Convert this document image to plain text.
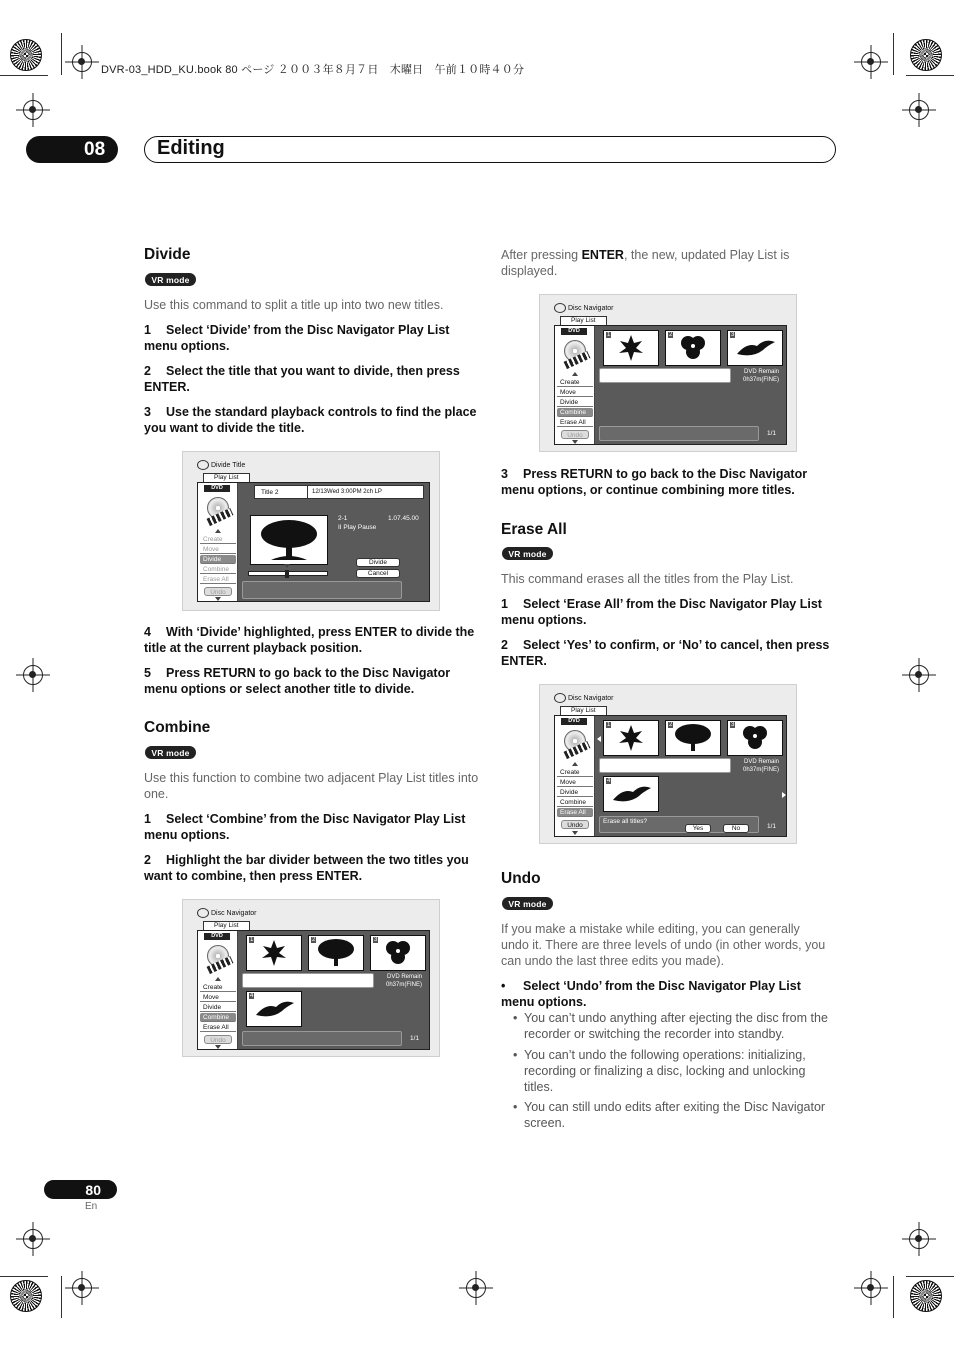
DVR-03_HDD_KU.book 80 ページ ２００３年８月７日　木曜日　午前１０時４０分
08	Editing
Divide
VR mode
Use this command to split a title up into two new titles.
1 Select ‘Divide’ from the Disc Navigator Play List menu options.
2 Select the title that you want to divide, then press ENTER.
3 Use the standard playback controls to find the place you want to divide the title.
Divide Title
Play List
DVD
Create
Move
Divide
Combine
Erase All
Undo
Title 2	12/13Wed 3:00PM 2ch LP
2-1	1.07.45.00
II Play Pause
Divide
Cancel
4 With ‘Divide’ highlighted, press ENTER to divide the title at the current playback position.
5 Press RETURN to go back to the Disc Navigator menu options or select another title to divide.
Combine
VR mode
Use this function to combine two adjacent Play List titles into one.
1 Select ‘Combine’ from the Disc Navigator Play List menu options.
2 Highlight the bar divider between the two titles you want to combine, then press ENTER.
Disc Navigator
Play List
DVD
Create
Move
Divide
Combine
Erase All
Undo
1	2	3
DVD Remain
0h37m(FINE)
4
1/1
After pressing ENTER, the new, updated Play List is displayed.
Disc Navigator
Play List
DVD
Create
Move
Divide
Combine
Erase All
Undo
1	2	3
DVD Remain
0h37m(FINE)
1/1
3 Press RETURN to go back to the Disc Navigator menu options, or continue combining more titles.
Erase All
VR mode
This command erases all the titles from the Play List.
1 Select ‘Erase All’ from the Disc Navigator Play List menu options.
2 Select ‘Yes’ to confirm, or ‘No’ to cancel, then press ENTER.
Disc Navigator
Play List
DVD
Create
Move
Divide
Combine
Erase All
Undo
1	2	3
DVD Remain
0h37m(FINE)
4
Erase all titles?
Yes	No	1/1
Undo
VR mode
If you make a mistake while editing, you can generally undo it. There are three levels of undo (in other words, you can undo the last three edits you made).
• Select ‘Undo’ from the Disc Navigator Play List menu options.
• You can’t undo anything after ejecting the disc from the recorder or switching the recorder into standby.
• You can’t undo the following operations: initializing, recording or finalizing a disc, locking and unlocking titles.
• You can still undo edits after exiting the Disc Navigator screen.
80
En
